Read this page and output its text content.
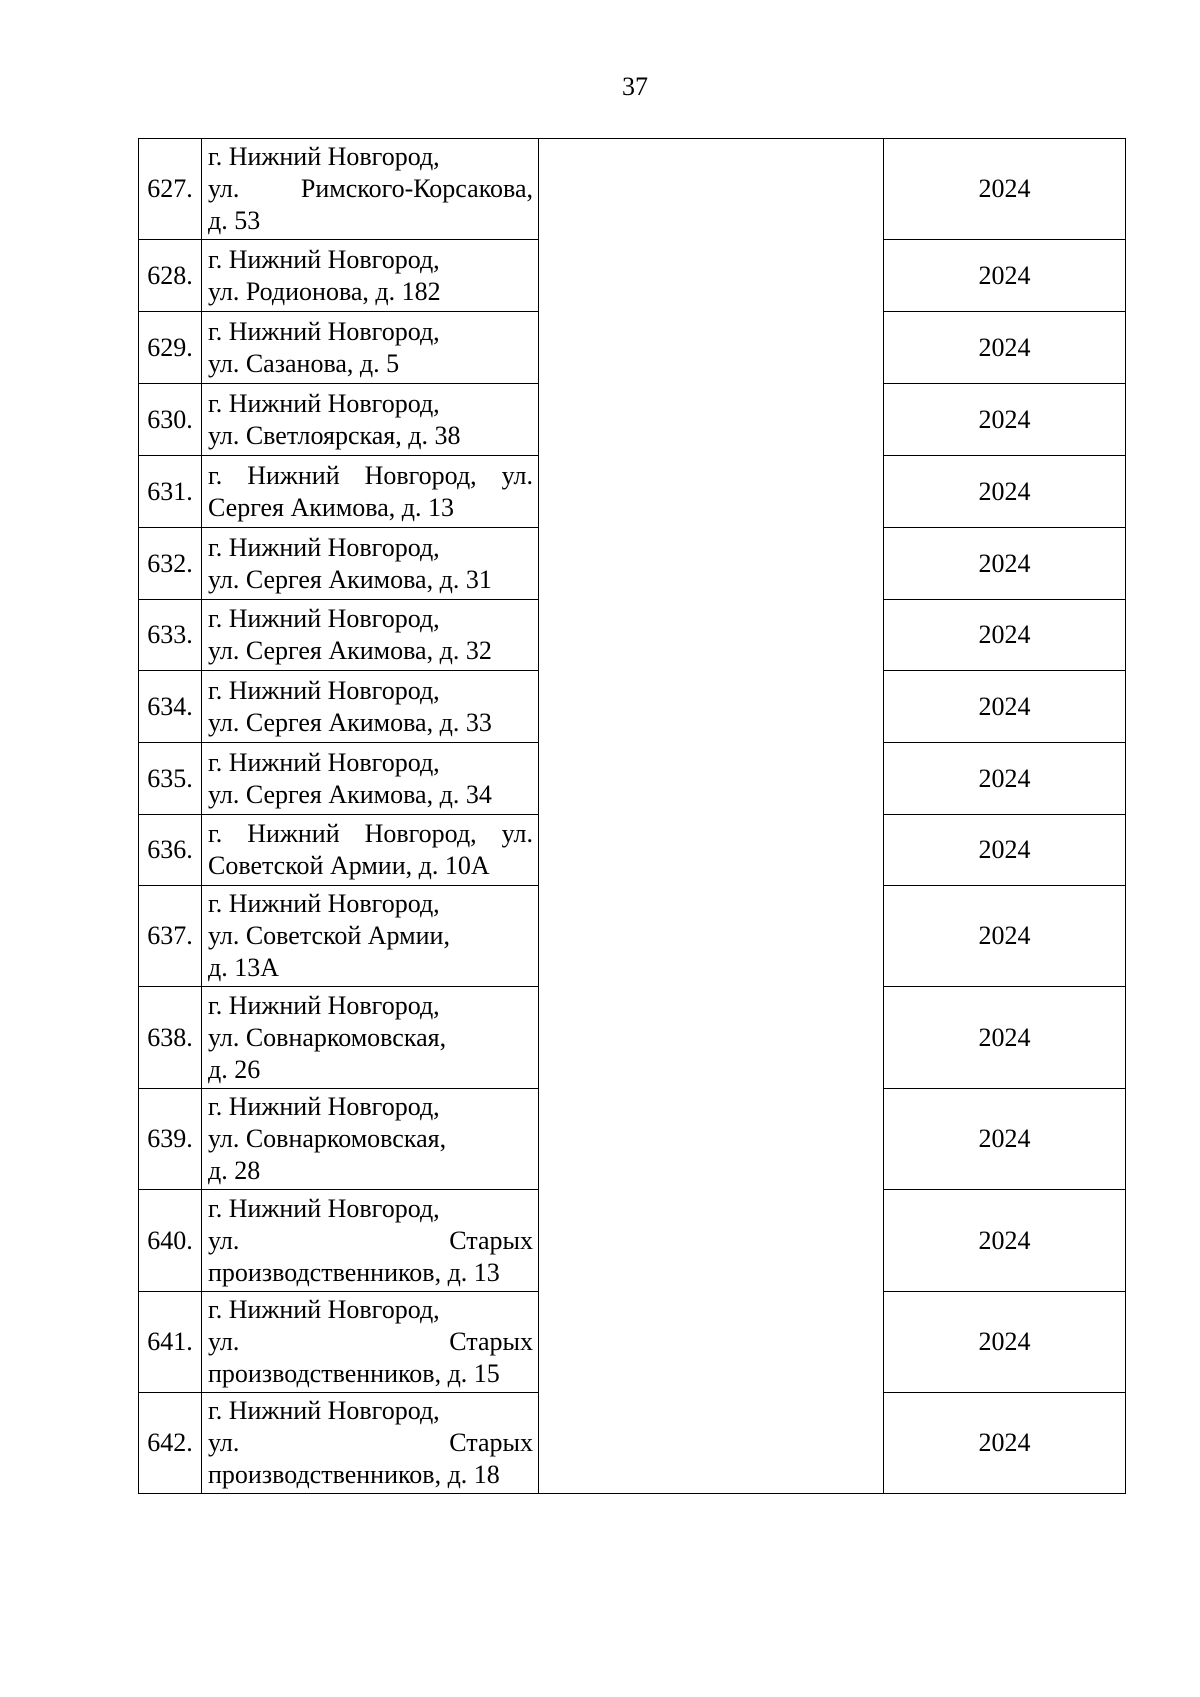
37
627.	г. Нижний Новгород,
ул. Римского-Корсакова,
д. 53		2024
628.	г. Нижний Новгород,
ул. Родионова, д. 182		2024
629.	г. Нижний Новгород,
ул. Сазанова, д. 5		2024
630.	г. Нижний Новгород,
ул. Светлоярская, д. 38		2024
631.	г. Нижний Новгород, ул.
Сергея Акимова, д. 13		2024
632.	г. Нижний Новгород,
ул. Сергея Акимова, д. 31		2024
633.	г. Нижний Новгород,
ул. Сергея Акимова, д. 32		2024
634.	г. Нижний Новгород,
ул. Сергея Акимова, д. 33		2024
635.	г. Нижний Новгород,
ул. Сергея Акимова, д. 34		2024
636.	г. Нижний Новгород, ул.
Советской Армии, д. 10А		2024
637.	г. Нижний Новгород,
ул. Советской Армии,
д. 13А		2024
638.	г. Нижний Новгород,
ул. Совнаркомовская,
д. 26		2024
639.	г. Нижний Новгород,
ул. Совнаркомовская,
д. 28		2024
640.	г. Нижний Новгород,
ул. Старых
производственников, д. 13		2024
641.	г. Нижний Новгород,
ул. Старых
производственников, д. 15		2024
642.	г. Нижний Новгород,
ул. Старых
производственников, д. 18		2024
